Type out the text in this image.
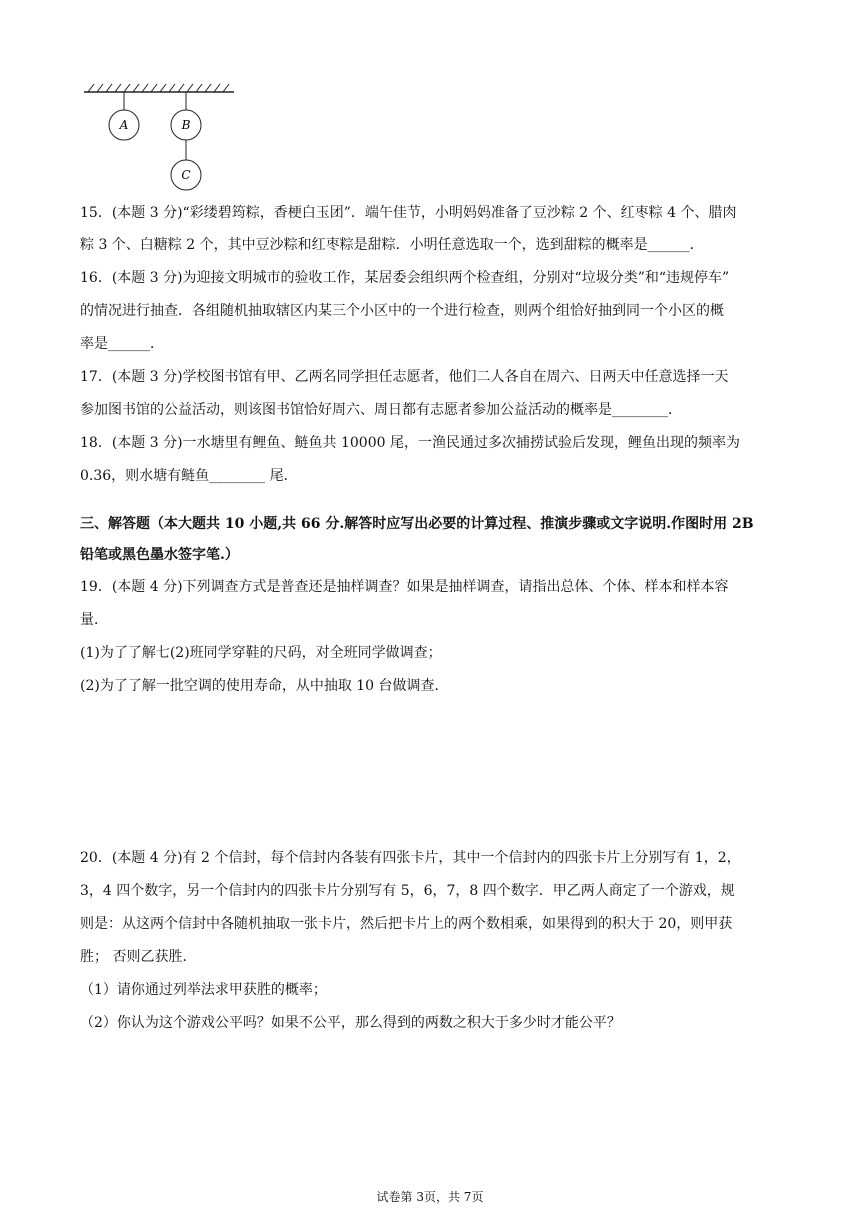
A	B
C
15．(本题 3 分)“彩缕碧筠粽，香梗白玉团”．端午佳节，小明妈妈准备了豆沙粽 2 个、红枣粽 4 个、腊肉
粽 3 个、白糖粽 2 个，其中豆沙粽和红枣粽是甜粽．小明任意选取一个，选到甜粽的概率是______．
16．(本题 3 分)为迎接文明城市的验收工作，某居委会组织两个检查组，分别对“垃圾分类”和“违规停车”
的情况进行抽查．各组随机抽取辖区内某三个小区中的一个进行检查，则两个组恰好抽到同一个小区的概
率是______．
17．(本题 3 分)学校图书馆有甲、乙两名同学担任志愿者，他们二人各自在周六、日两天中任意选择一天
参加图书馆的公益活动，则该图书馆恰好周六、周日都有志愿者参加公益活动的概率是________．
18．(本题 3 分)一水塘里有鲤鱼、鲢鱼共 10000 尾，一渔民通过多次捕捞试验后发现，鲤鱼出现的频率为
0.36，则水塘有鲢鱼________ 尾．
三、解答题（本大题共 10 小题,共 66 分.解答时应写出必要的计算过程、推演步骤或文字说明.作图时用 2B
铅笔或黑色墨水签字笔.）
19．(本题 4 分)下列调查方式是普查还是抽样调查？如果是抽样调查，请指出总体、个体、样本和样本容
量．
(1)为了了解七(2)班同学穿鞋的尺码，对全班同学做调查；
(2)为了了解一批空调的使用寿命，从中抽取 10 台做调查．
20．(本题 4 分)有 2 个信封，每个信封内各装有四张卡片，其中一个信封内的四张卡片上分别写有 1，2，
3，4 四个数字，另一个信封内的四张卡片分别写有 5，6，7，8 四个数字．甲乙两人商定了一个游戏，规
则是：从这两个信封中各随机抽取一张卡片，然后把卡片上的两个数相乘，如果得到的积大于 20，则甲获
胜； 否则乙获胜．
（1）请你通过列举法求甲获胜的概率；
（2）你认为这个游戏公平吗？如果不公平，那么得到的两数之积大于多少时才能公平？
试卷第 3页，共 7页
